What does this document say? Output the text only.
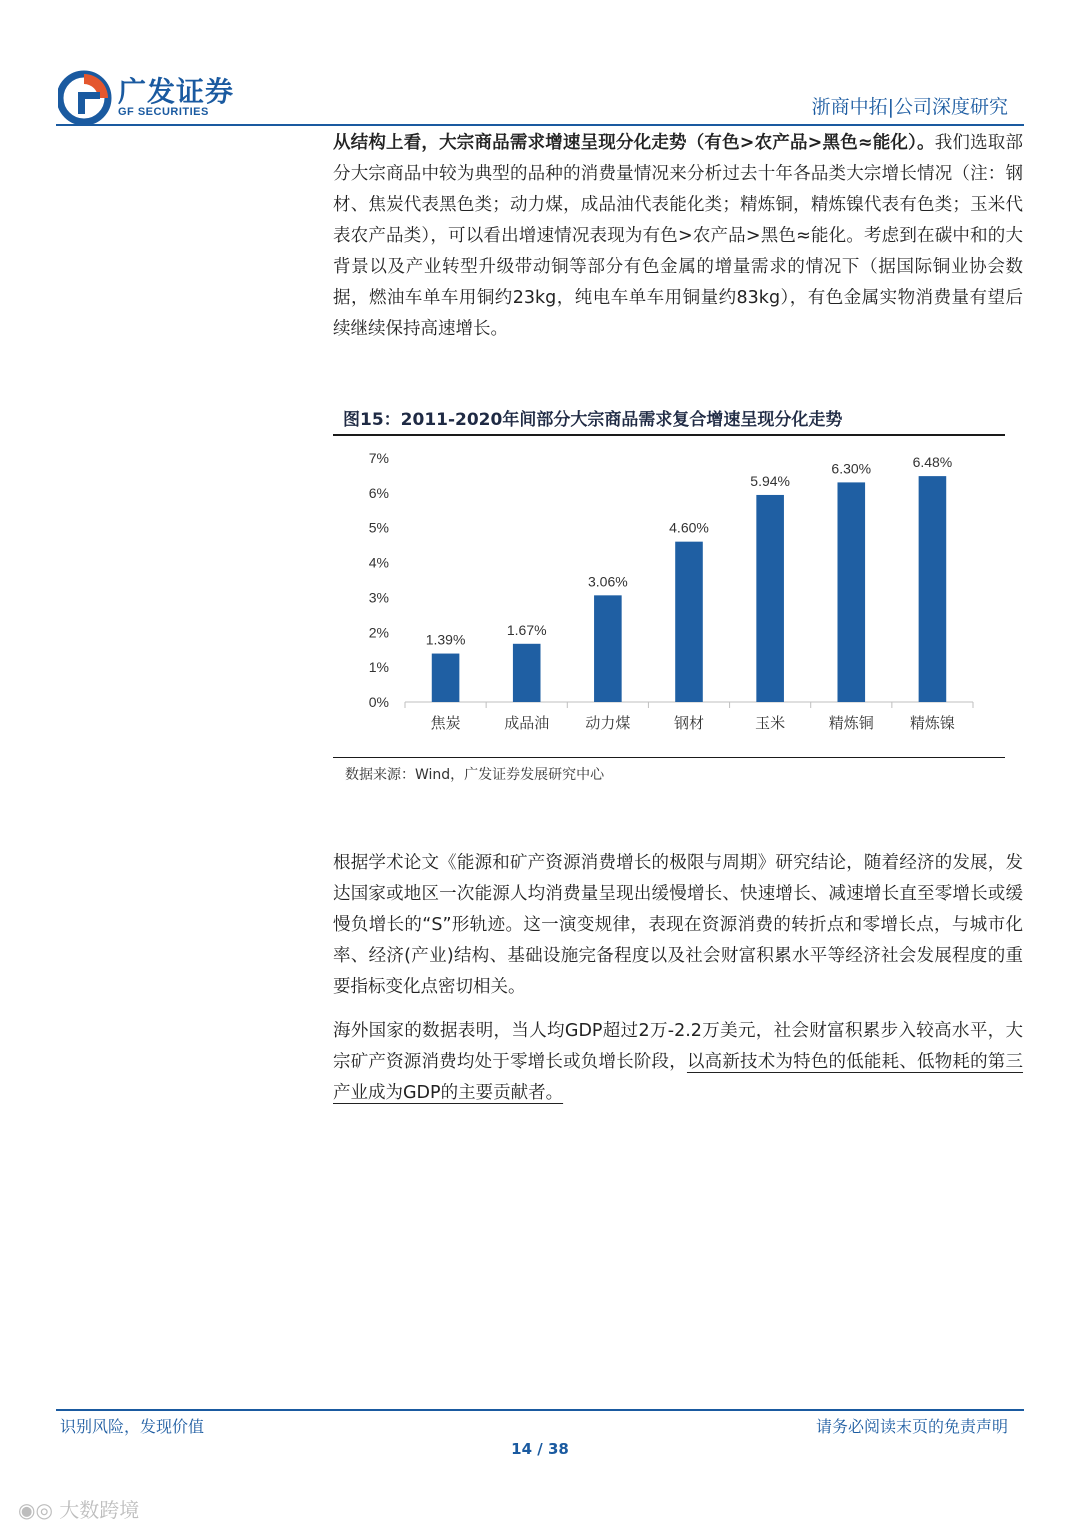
广发证券
GF SECURITIES	浙商中拓|公司深度研究
从结构上看，大宗商品需求增速呈现分化走势（有色>农产品>黑色≈能化）。我们选取部分大宗商品中较为典型的品种的消费量情况来分析过去十年各品类大宗增长情况（注：钢材、焦炭代表黑色类；动力煤，成品油代表能化类；精炼铜，精炼镍代表有色类；玉米代表农产品类），可以看出增速情况表现为有色>农产品>黑色≈能化。考虑到在碳中和的大背景以及产业转型升级带动铜等部分有色金属的增量需求的情况下（据国际铜业协会数据，燃油车单车用铜约23kg，纯电车单车用铜量约83kg），有色金属实物消费量有望后续继续保持高速增长。
图15：2011-2020年间部分大宗商品需求复合增速呈现分化走势
0%
1%
2%
3%
4%
5%
6%
7%
1.39%
焦炭
1.67%
成品油
3.06%
动力煤
4.60%
钢材
5.94%
玉米
6.30%
精炼铜
6.48%
精炼镍
数据来源：Wind，广发证券发展研究中心
根据学术论文《能源和矿产资源消费增长的极限与周期》研究结论，随着经济的发展，发达国家或地区一次能源人均消费量呈现出缓慢增长、快速增长、减速增长直至零增长或缓慢负增长的“S”形轨迹。这一演变规律，表现在资源消费的转折点和零增长点，与城市化率、经济(产业)结构、基础设施完备程度以及社会财富积累水平等经济社会发展程度的重要指标变化点密切相关。
海外国家的数据表明，当人均GDP超过2万-2.2万美元，社会财富积累步入较高水平，大宗矿产资源消费均处于零增长或负增长阶段，以高新技术为特色的低能耗、低物耗的第三产业成为GDP的主要贡献者。
识别风险，发现价值	请务必阅读末页的免责声明
14 / 38
◉◎ 大数跨境
